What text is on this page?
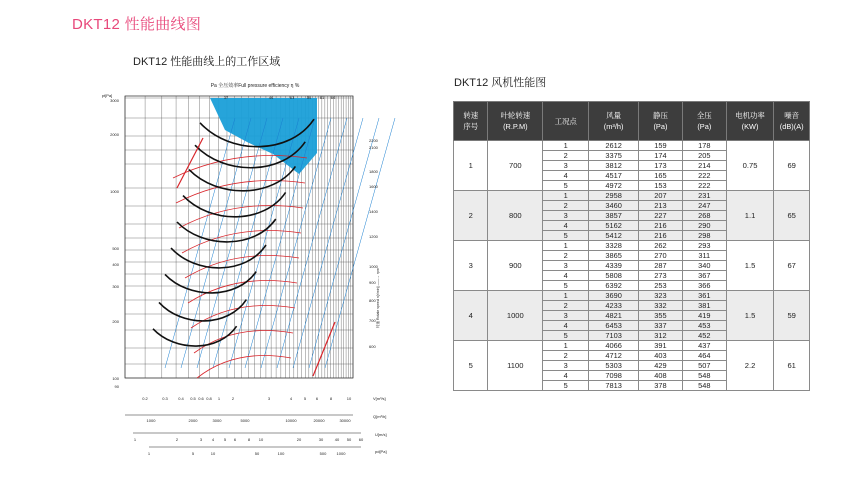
DKT12 性能曲线图
DKT12 性能曲线上的工作区域
DKT12 风机性能图
Pa 全压效率Full pressure efficiency η %
37	44	61	59 61 64
pt[Pa]
3000
2000
1000
500
400
300
200
100
90
2200
2100
1800
1600
1400
1200
1000
900
800
700
600
转速 Rotate speed n[r/min] ——→ rpm
0.2	0.3	0.4 0.5 0.6 0.8 1	2	3	4	5 6	8	10	V[m³/s]
1000	2000	3000	5000	10000	20000	30000
Q[m³/h]
1	2	3 4 5 6	8 10	20	30	40 50 60
U[m/s]
1	5	10	50	100	500	1000	pd[Pa]
转速
序号	叶轮转速
(R.P.M)	工况点	风量
(m³/h)	静压
(Pa)	全压
(Pa)	电机功率
(KW)	噪音
(dB)(A)
1	700	1	2612	159	178	0.75	69
		2	3375	174	205		
		3	3812	173	214		
		4	4517	165	222		
		5	4972	153	222		
2	800	1	2958	207	231	1.1	65
		2	3460	213	247		
		3	3857	227	268		
		4	5162	216	290		
		5	5412	216	298		
3	900	1	3328	262	293	1.5	67
		2	3865	270	311		
		3	4339	287	340		
		4	5808	273	367		
		5	6392	253	366		
4	1000	1	3690	323	361	1.5	59
		2	4233	332	381		
		3	4821	355	419		
		4	6453	337	453		
		5	7103	312	452		
5	1100	1	4066	391	437	2.2	61
		2	4712	403	464		
		3	5303	429	507		
		4	7098	408	548		
		5	7813	378	548		
